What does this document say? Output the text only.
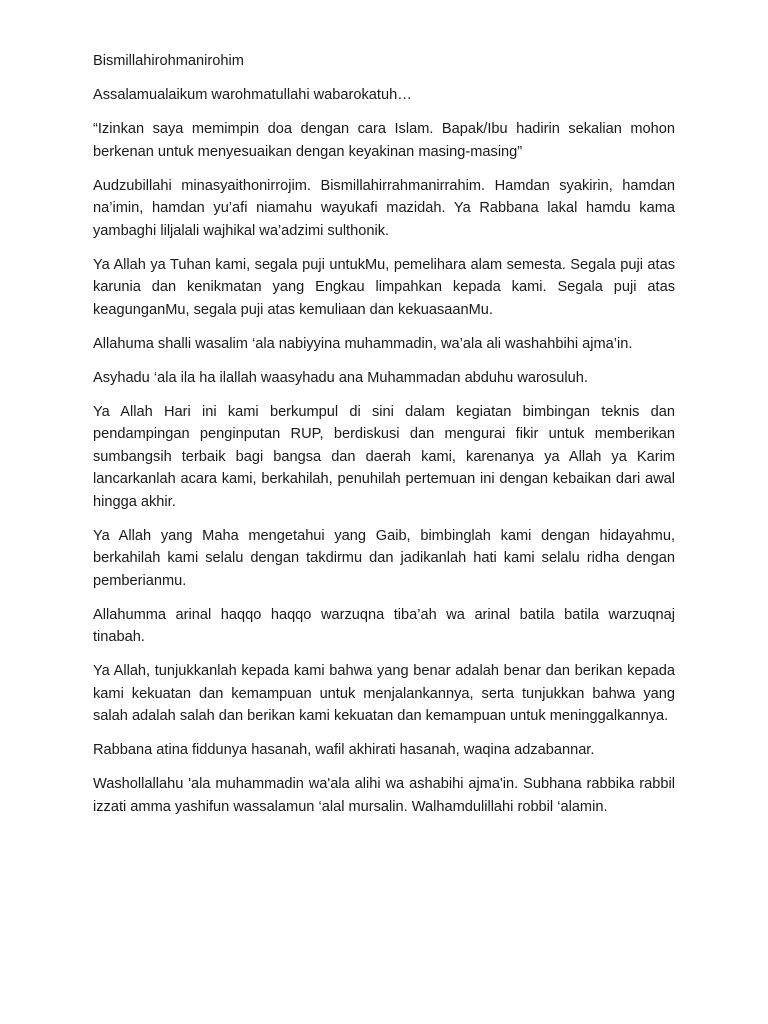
Bismillahirohmanirohim

Assalamualaikum warohmatullahi wabarokatuh…

“Izinkan saya memimpin doa dengan cara Islam. Bapak/Ibu hadirin sekalian mohon berkenan untuk menyesuaikan dengan keyakinan masing-masing”

Audzubillahi minasyaithonirrojim. Bismillahirrahmanirrahim. Hamdan syakirin, hamdan na’imin, hamdan yu’afi niamahu wayukafi mazidah. Ya Rabbana lakal hamdu kama yambaghi liljalali wajhikal wa’adzimi sulthonik.

Ya Allah ya Tuhan kami, segala puji untukMu, pemelihara alam semesta. Segala puji atas karunia dan kenikmatan yang Engkau limpahkan kepada kami. Segala puji atas keagunganMu, segala puji atas kemuliaan dan kekuasaanMu.

Allahuma shalli wasalim ‘ala nabiyyina muhammadin, wa’ala ali washahbihi ajma’in.

Asyhadu ‘ala ila ha ilallah waasyhadu ana Muhammadan abduhu warosuluh.

Ya Allah Hari ini kami berkumpul di sini dalam kegiatan bimbingan teknis dan pendampingan penginputan RUP, berdiskusi dan mengurai fikir untuk memberikan sumbangsih terbaik bagi bangsa dan daerah kami, karenanya ya Allah ya Karim lancarkanlah acara kami, berkahilah, penuhilah pertemuan ini dengan kebaikan dari awal hingga akhir.

Ya Allah yang Maha mengetahui yang Gaib, bimbinglah kami dengan hidayahmu, berkahilah kami selalu dengan takdirmu dan jadikanlah hati kami selalu ridha dengan pemberianmu.

Allahumma arinal haqqo haqqo warzuqna tiba’ah wa arinal batila batila warzuqnaj tinabah.

Ya Allah, tunjukkanlah kepada kami bahwa yang benar adalah benar dan berikan kepada kami kekuatan dan kemampuan untuk menjalankannya, serta tunjukkan bahwa yang salah adalah salah dan berikan kami kekuatan dan kemampuan untuk meninggalkannya.

Rabbana atina fiddunya hasanah, wafil akhirati hasanah, waqina adzabannar.

Washollallahu 'ala muhammadin wa'ala alihi wa ashabihi ajma'in. Subhana rabbika rabbil izzati amma yashifun wassalamun ‘alal mursalin. Walhamdulillahi robbil ‘alamin.
